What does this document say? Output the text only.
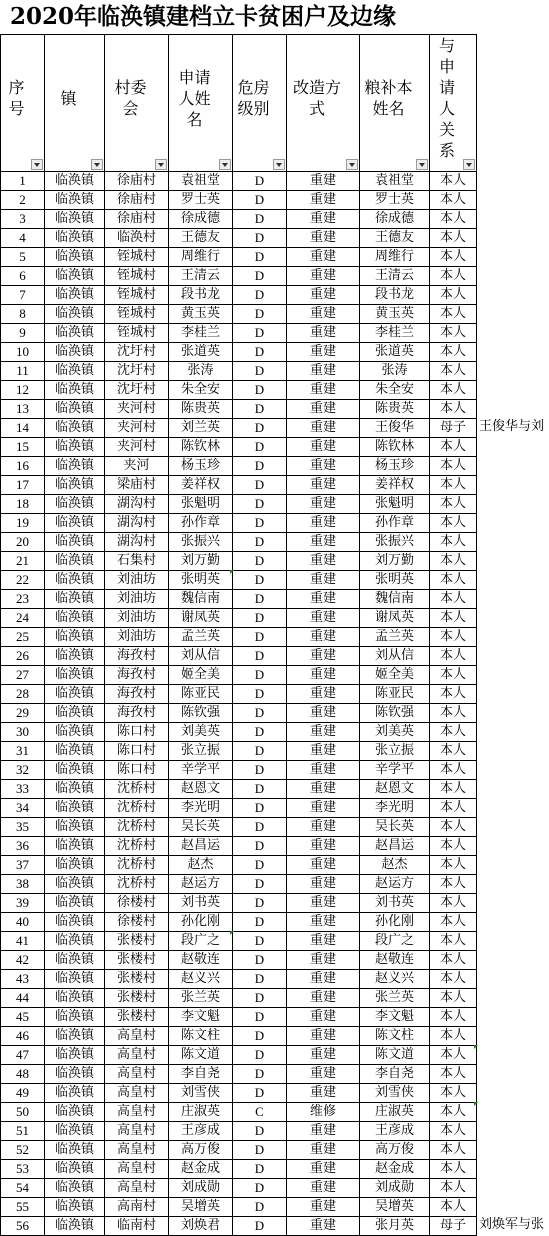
2020年临涣镇建档立卡贫困户及边缘
序号	镇	村委会	申请人姓名	危房级别	改造方式	粮补本姓名	与申请人关系

1	临涣镇	徐庙村	袁祖堂	D	重建	袁祖堂	本人
2	临涣镇	徐庙村	罗士英	D	重建	罗士英	本人
3	临涣镇	徐庙村	徐成德	D	重建	徐成德	本人
4	临涣镇	临涣村	王德友	D	重建	王德友	本人
5	临涣镇	铚城村	周维行	D	重建	周维行	本人
6	临涣镇	铚城村	王清云	D	重建	王清云	本人
7	临涣镇	铚城村	段书龙	D	重建	段书龙	本人
8	临涣镇	铚城村	黄玉英	D	重建	黄玉英	本人
9	临涣镇	铚城村	李桂兰	D	重建	李桂兰	本人
10	临涣镇	沈圩村	张道英	D	重建	张道英	本人
11	临涣镇	沈圩村	张涛	D	重建	张涛	本人
12	临涣镇	沈圩村	朱全安	D	重建	朱全安	本人
13	临涣镇	夹河村	陈贵英	D	重建	陈贵英	本人
14	临涣镇	夹河村	刘兰英	D	重建	王俊华	母子
15	临涣镇	夹河村	陈钦林	D	重建	陈钦林	本人
16	临涣镇	夹河	杨玉珍	D	重建	杨玉珍	本人
17	临涣镇	梁庙村	姜祥权	D	重建	姜祥权	本人
18	临涣镇	湖沟村	张魁明	D	重建	张魁明	本人
19	临涣镇	湖沟村	孙作章	D	重建	孙作章	本人
20	临涣镇	湖沟村	张振兴	D	重建	张振兴	本人
21	临涣镇	石集村	刘万勤	D	重建	刘万勤	本人
22	临涣镇	刘油坊	张明英	D	重建	张明英	本人
23	临涣镇	刘油坊	魏信南	D	重建	魏信南	本人
24	临涣镇	刘油坊	谢凤英	D	重建	谢凤英	本人
25	临涣镇	刘油坊	孟兰英	D	重建	孟兰英	本人
26	临涣镇	海孜村	刘从信	D	重建	刘从信	本人
27	临涣镇	海孜村	姬全美	D	重建	姬全美	本人
28	临涣镇	海孜村	陈亚民	D	重建	陈亚民	本人
29	临涣镇	海孜村	陈钦强	D	重建	陈钦强	本人
30	临涣镇	陈口村	刘美英	D	重建	刘美英	本人
31	临涣镇	陈口村	张立振	D	重建	张立振	本人
32	临涣镇	陈口村	辛学平	D	重建	辛学平	本人
33	临涣镇	沈桥村	赵恩文	D	重建	赵恩文	本人
34	临涣镇	沈桥村	李光明	D	重建	李光明	本人
35	临涣镇	沈桥村	吴长英	D	重建	吴长英	本人
36	临涣镇	沈桥村	赵昌运	D	重建	赵昌运	本人
37	临涣镇	沈桥村	赵杰	D	重建	赵杰	本人
38	临涣镇	沈桥村	赵运方	D	重建	赵运方	本人
39	临涣镇	徐楼村	刘书英	D	重建	刘书英	本人
40	临涣镇	徐楼村	孙化刚	D	重建	孙化刚	本人
41	临涣镇	张楼村	段广之	D	重建	段广之	本人
42	临涣镇	张楼村	赵敬连	D	重建	赵敬连	本人
43	临涣镇	张楼村	赵义兴	D	重建	赵义兴	本人
44	临涣镇	张楼村	张兰英	D	重建	张兰英	本人
45	临涣镇	张楼村	李文魁	D	重建	李文魁	本人
46	临涣镇	高皇村	陈文柱	D	重建	陈文柱	本人
47	临涣镇	高皇村	陈文道	D	重建	陈文道	本人
48	临涣镇	高皇村	李自尧	D	重建	李自尧	本人
49	临涣镇	高皇村	刘雪侠	D	重建	刘雪侠	本人
50	临涣镇	高皇村	庄淑英	C	维修	庄淑英	本人
51	临涣镇	高皇村	王彦成	D	重建	王彦成	本人
52	临涣镇	高皇村	高万俊	D	重建	高万俊	本人
53	临涣镇	高皇村	赵金成	D	重建	赵金成	本人
54	临涣镇	高皇村	刘成勋	D	重建	刘成勋	本人
55	临涣镇	高南村	吴增英	D	重建	吴增英	本人
56	临涣镇	临南村	刘焕君	D	重建	张月英	母子
王俊华与刘
刘焕军与张
